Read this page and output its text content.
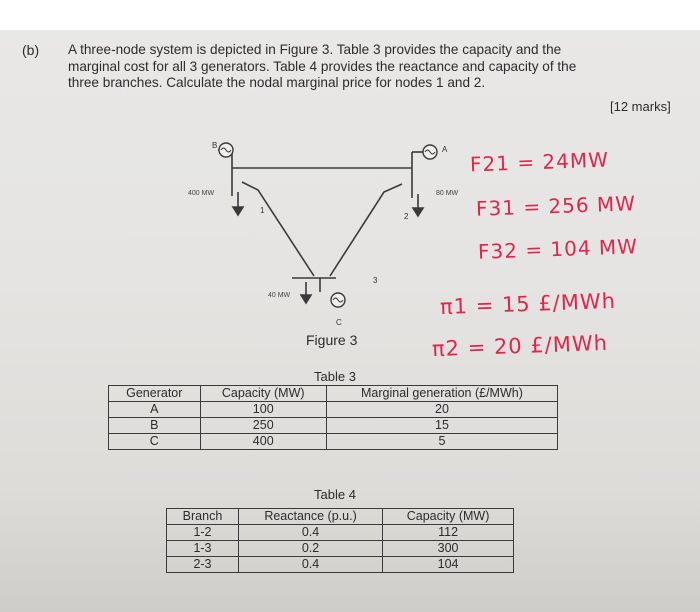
(b) A three-node system is depicted in Figure 3. Table 3 provides the capacity and the marginal cost for all 3 generators. Table 4 provides the reactance and capacity of the three branches. Calculate the nodal marginal price for nodes 1 and 2.
[12 marks]
B	A
C
400 MW	80 MW
40 MW
1
2
3
Figure 3
F21 = 24MW
F31 = 256 MW
F32 = 104 MW
π1 = 15 £/MWh
π2 = 20 £/MWh
Table 3
Generator	Capacity (MW)	Marginal generation (£/MWh)
A	100	20
B	250	15
C	400	5
Table 4
Branch	Reactance (p.u.)	Capacity (MW)
1-2	0.4	112
1-3	0.2	300
2-3	0.4	104
